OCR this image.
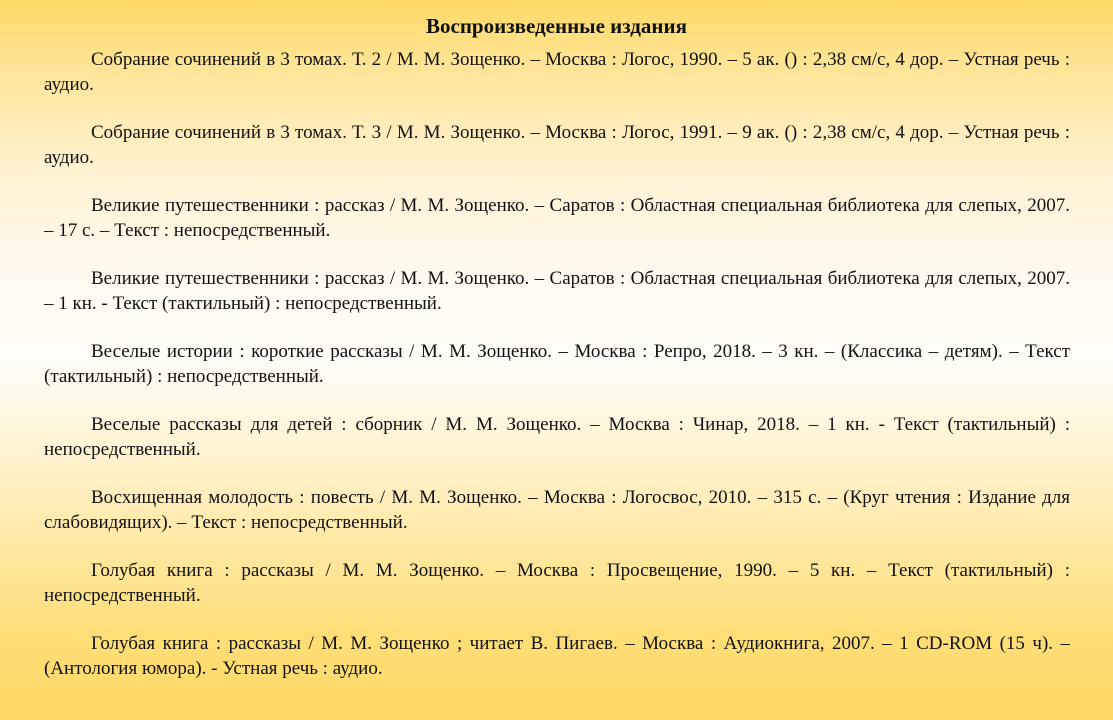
Воспроизведенные издания
Собрание сочинений в 3 томах. Т. 2 / М. М. Зощенко. – Москва : Логос, 1990. – 5 ак. () : 2,38 см/с, 4 дор. – Устная речь : аудио.
Собрание сочинений в 3 томах. Т. 3 / М. М. Зощенко. – Москва : Логос, 1991. – 9 ак. () : 2,38 см/с, 4 дор. – Устная речь : аудио.
Великие путешественники : рассказ / М. М. Зощенко. – Саратов : Областная специальная библиотека для слепых, 2007. – 17 с. – Текст : непосредственный.
Великие путешественники : рассказ / М. М. Зощенко. – Саратов : Областная специальная библиотека для слепых, 2007. – 1 кн. - Текст (тактильный) : непосредственный.
Веселые истории : короткие рассказы / М. М. Зощенко. – Москва : Репро, 2018. – 3 кн. – (Классика – детям). – Текст (тактильный) : непосредственный.
Веселые рассказы для детей : сборник / М. М. Зощенко. – Москва : Чинар, 2018. – 1 кн. - Текст (тактильный) : непосредственный.
Восхищенная молодость : повесть / М. М. Зощенко. – Москва : Логосвос, 2010. – 315 с. – (Круг чтения : Издание для слабовидящих). – Текст : непосредственный.
Голубая книга : рассказы / М. М. Зощенко. – Москва : Просвещение, 1990. – 5 кн. – Текст (тактильный) : непосредственный.
Голубая книга : рассказы / М. М. Зощенко ; читает В. Пигаев. – Москва : Аудиокнига, 2007. – 1 CD-ROM (15 ч). – (Антология юмора). - Устная речь : аудио.
